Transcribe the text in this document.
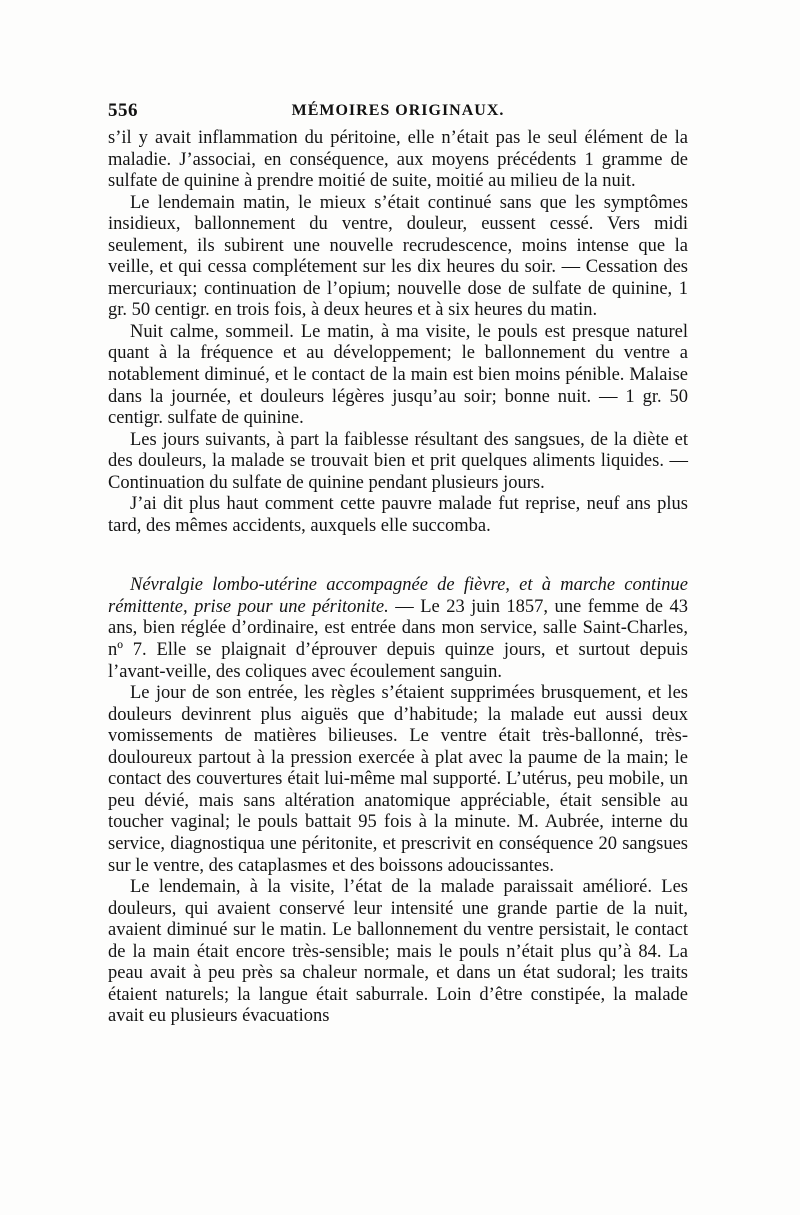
556	MÉMOIRES ORIGINAUX.

s’il y avait inflammation du péritoine, elle n’était pas le seul élément de la maladie. J’associai, en conséquence, aux moyens précédents 1 gramme de sulfate de quinine à prendre moitié de suite, moitié au milieu de la nuit.

Le lendemain matin, le mieux s’était continué sans que les symptômes insidieux, ballonnement du ventre, douleur, eussent cessé. Vers midi seulement, ils subirent une nouvelle recrudescence, moins intense que la veille, et qui cessa complétement sur les dix heures du soir. — Cessation des mercuriaux; continuation de l’opium; nouvelle dose de sulfate de quinine, 1 gr. 50 centigr. en trois fois, à deux heures et à six heures du matin.

Nuit calme, sommeil. Le matin, à ma visite, le pouls est presque naturel quant à la fréquence et au développement; le ballonnement du ventre a notablement diminué, et le contact de la main est bien moins pénible. Malaise dans la journée, et douleurs légères jusqu’au soir; bonne nuit. — 1 gr. 50 centigr. sulfate de quinine.

Les jours suivants, à part la faiblesse résultant des sangsues, de la diète et des douleurs, la malade se trouvait bien et prit quelques aliments liquides. — Continuation du sulfate de quinine pendant plusieurs jours.

J’ai dit plus haut comment cette pauvre malade fut reprise, neuf ans plus tard, des mêmes accidents, auxquels elle succomba.

Névralgie lombo-utérine accompagnée de fièvre, et à marche continue rémittente, prise pour une péritonite. — Le 23 juin 1857, une femme de 43 ans, bien réglée d’ordinaire, est entrée dans mon service, salle Saint-Charles, nº 7. Elle se plaignait d’éprouver depuis quinze jours, et surtout depuis l’avant-veille, des coliques avec écoulement sanguin.

Le jour de son entrée, les règles s’étaient supprimées brusquement, et les douleurs devinrent plus aiguës que d’habitude; la malade eut aussi deux vomissements de matières bilieuses. Le ventre était très-ballonné, très-douloureux partout à la pression exercée à plat avec la paume de la main; le contact des couvertures était lui-même mal supporté. L’utérus, peu mobile, un peu dévié, mais sans altération anatomique appréciable, était sensible au toucher vaginal; le pouls battait 95 fois à la minute. M. Aubrée, interne du service, diagnostiqua une péritonite, et prescrivit en conséquence 20 sangsues sur le ventre, des cataplasmes et des boissons adoucissantes.

Le lendemain, à la visite, l’état de la malade paraissait amélioré. Les douleurs, qui avaient conservé leur intensité une grande partie de la nuit, avaient diminué sur le matin. Le ballonnement du ventre persistait, le contact de la main était encore très-sensible; mais le pouls n’était plus qu’à 84. La peau avait à peu près sa chaleur normale, et dans un état sudoral; les traits étaient naturels; la langue était saburrale. Loin d’être constipée, la malade avait eu plusieurs évacuations
